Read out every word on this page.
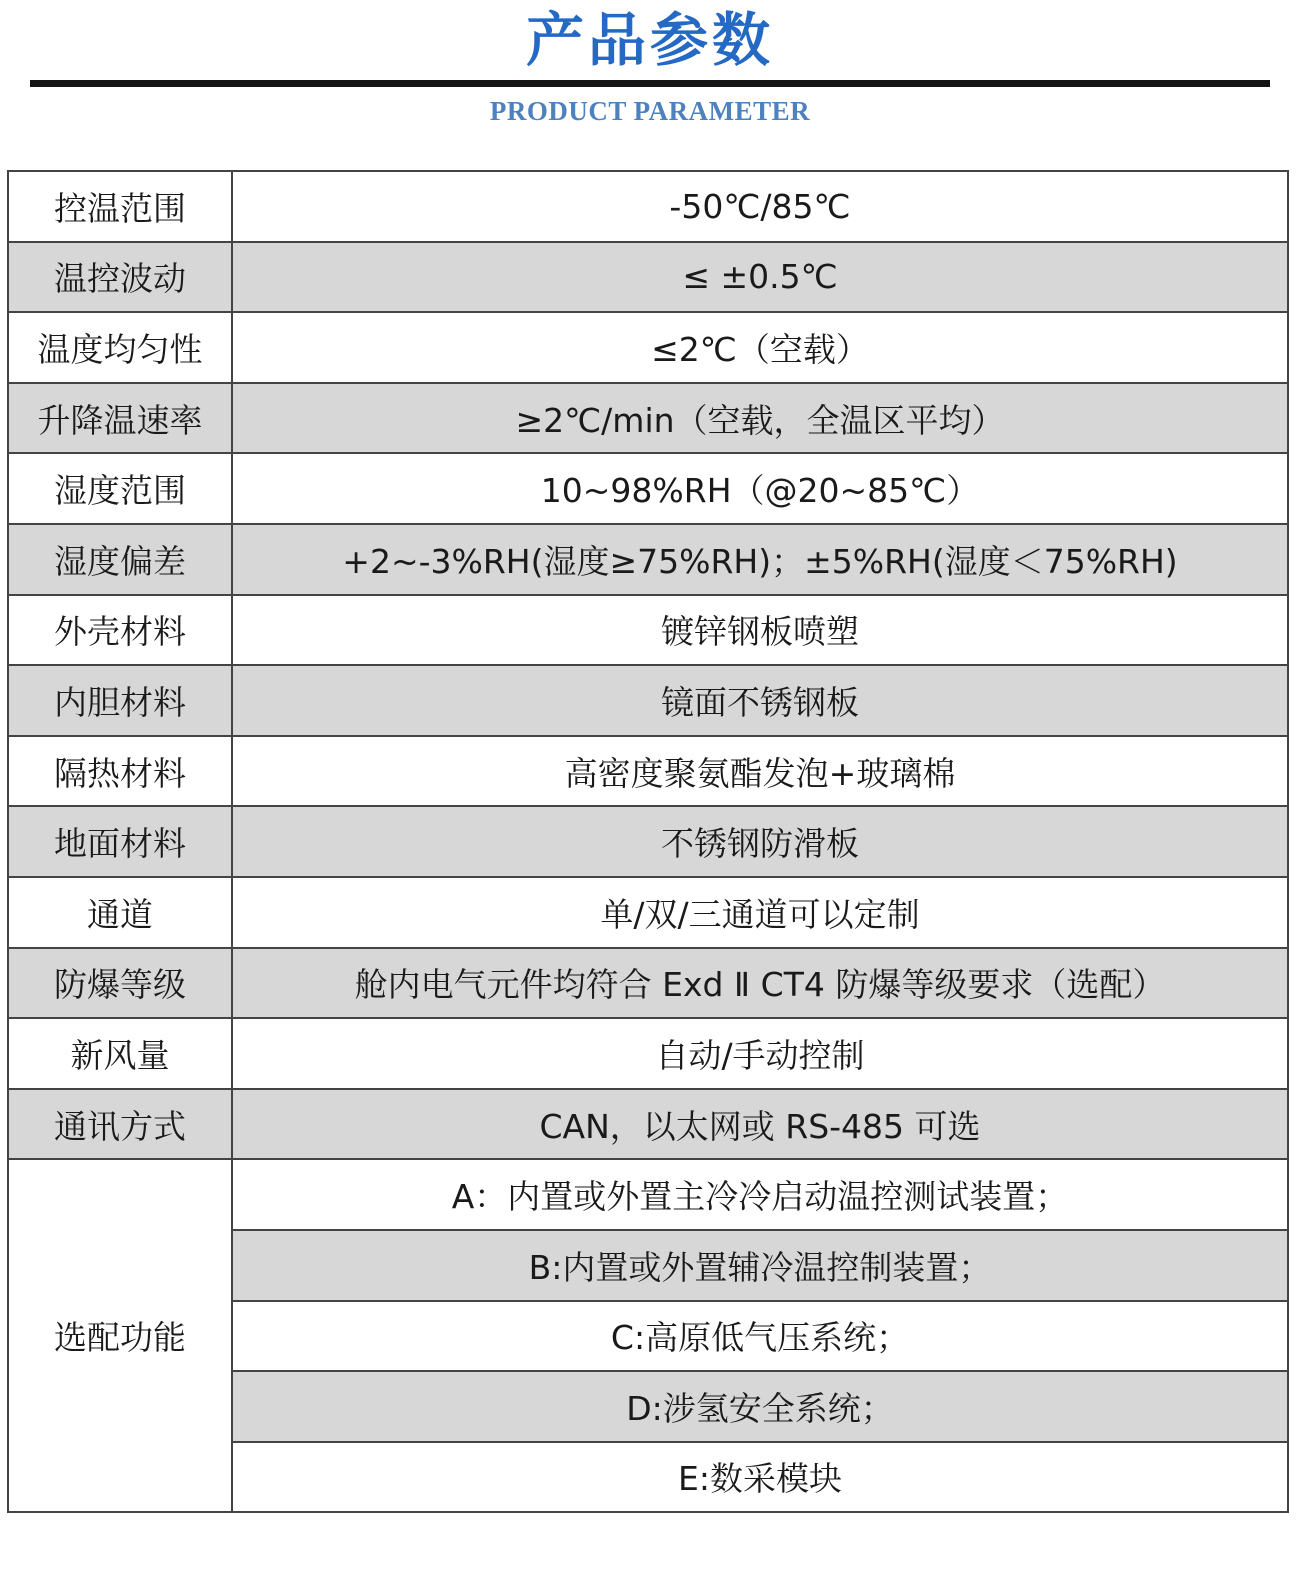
产品参数
PRODUCT PARAMETER
控温范围	-50℃/85℃
温控波动	≤ ±0.5℃
温度均匀性	≤2℃（空载）
升降温速率	≥2℃/min（空载，全温区平均）
湿度范围	10~98%RH（@20~85℃）
湿度偏差	+2~-3%RH(湿度≥75%RH)；±5%RH(湿度＜75%RH)
外壳材料	镀锌钢板喷塑
内胆材料	镜面不锈钢板
隔热材料	高密度聚氨酯发泡+玻璃棉
地面材料	不锈钢防滑板
通道	单/双/三通道可以定制
防爆等级	舱内电气元件均符合 Exd Ⅱ CT4 防爆等级要求（选配）
新风量	自动/手动控制
通讯方式	CAN，以太网或 RS-485 可选
选配功能	A：内置或外置主冷冷启动温控测试装置；
	B:内置或外置辅冷温控制装置；
	C:高原低气压系统；
	D:涉氢安全系统；
	E:数采模块
